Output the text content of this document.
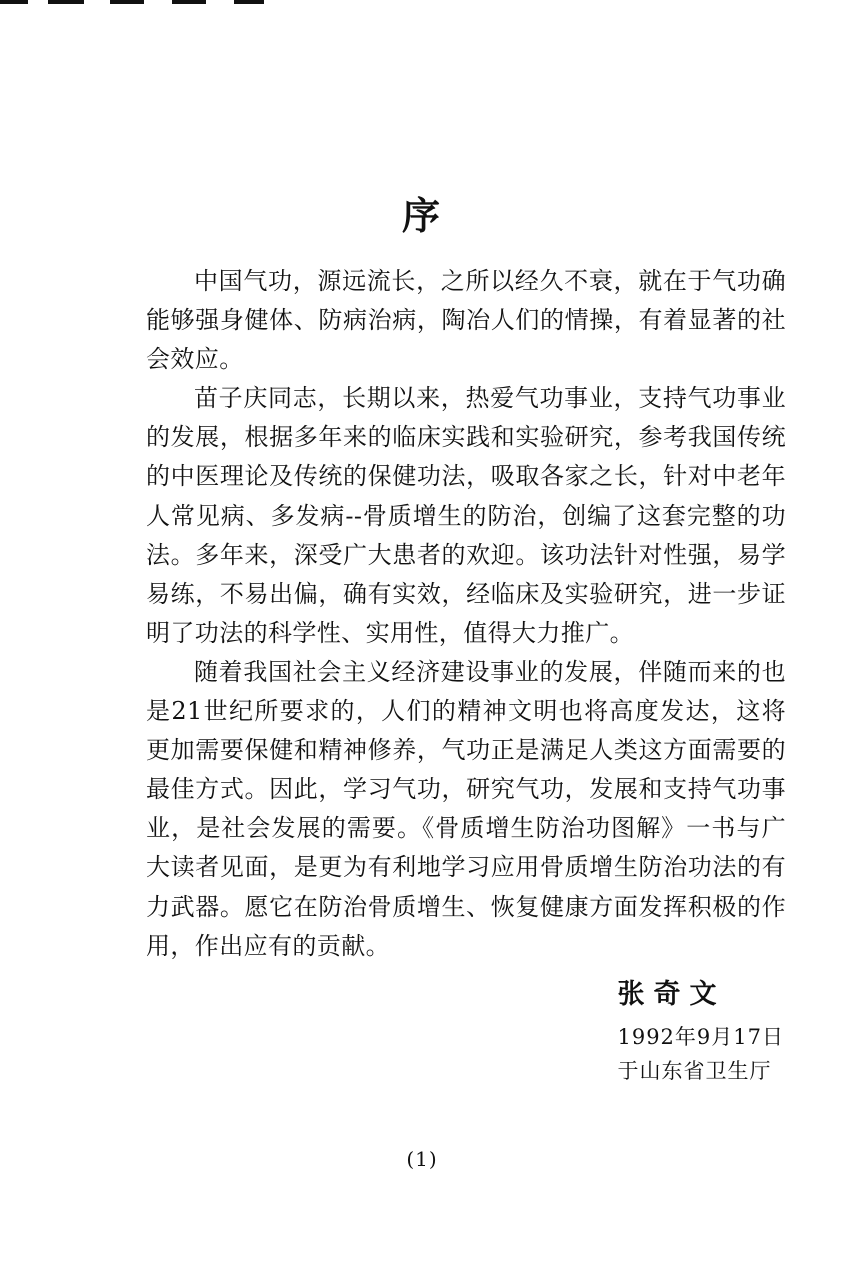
序

中国气功，源远流长，之所以经久不衰，就在于气功确能够强身健体、防病治病，陶冶人们的情操，有着显著的社会效应。

苗子庆同志，长期以来，热爱气功事业，支持气功事业的发展，根据多年来的临床实践和实验研究，参考我国传统的中医理论及传统的保健功法，吸取各家之长，针对中老年人常见病、多发病--骨质增生的防治，创编了这套完整的功法。多年来，深受广大患者的欢迎。该功法针对性强，易学易练，不易出偏，确有实效，经临床及实验研究，进一步证明了功法的科学性、实用性，值得大力推广。

随着我国社会主义经济建设事业的发展，伴随而来的也是21世纪所要求的，人们的精神文明也将高度发达，这将更加需要保健和精神修养，气功正是满足人类这方面需要的最佳方式。因此，学习气功，研究气功，发展和支持气功事业，是社会发展的需要。《骨质增生防治功图解》一书与广大读者见面，是更为有利地学习应用骨质增生防治功法的有力武器。愿它在防治骨质增生、恢复健康方面发挥积极的作用，作出应有的贡献。

张奇文
1992年9月17日
于山东省卫生厅
(1)
